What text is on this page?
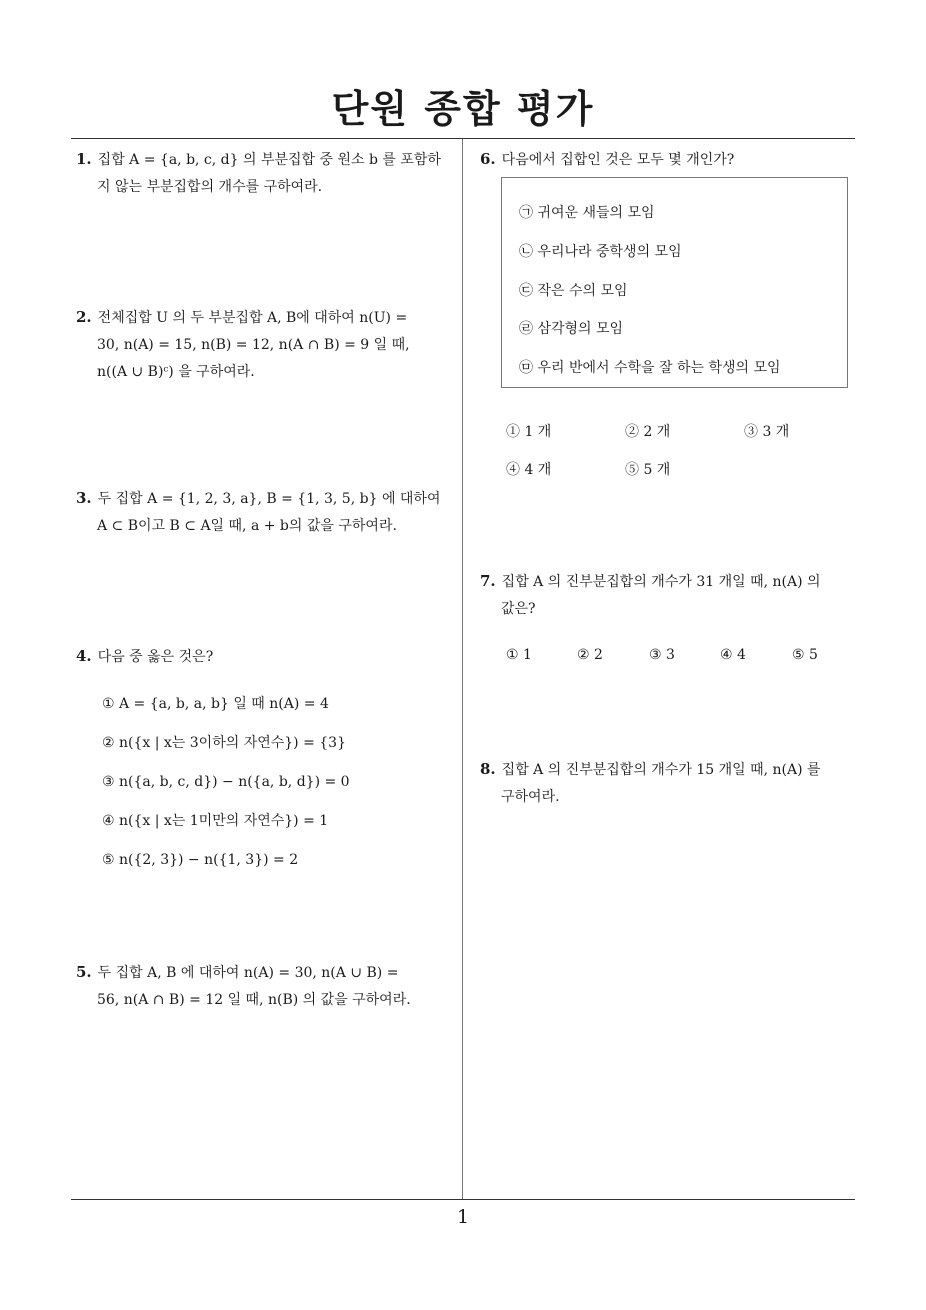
단원 종합 평가
1. 집합 A = {a, b, c, d} 의 부분집합 중 원소 b 를 포함하
지 않는 부분집합의 개수를 구하여라.
2. 전체집합 U 의 두 부분집합 A, B에 대하여 n(U) =
30, n(A) = 15, n(B) = 12, n(A ∩ B) = 9 일 때,
n((A ∪ B)ᶜ) 을 구하여라.
3. 두 집합 A = {1, 2, 3, a}, B = {1, 3, 5, b} 에 대하여
A ⊂ B이고 B ⊂ A일 때, a + b의 값을 구하여라.
4. 다음 중 옳은 것은?
① A = {a, b, a, b} 일 때 n(A) = 4
② n({x | x는 3이하의 자연수}) = {3}
③ n({a, b, c, d}) − n({a, b, d}) = 0
④ n({x | x는 1미만의 자연수}) = 1
⑤ n({2, 3}) − n({1, 3}) = 2
5. 두 집합 A, B 에 대하여 n(A) = 30, n(A ∪ B) =
56, n(A ∩ B) = 12 일 때, n(B) 의 값을 구하여라.
6. 다음에서 집합인 것은 모두 몇 개인가?
㉠ 귀여운 새들의 모임
㉡ 우리나라 중학생의 모임
㉢ 작은 수의 모임
㉣ 삼각형의 모임
㉤ 우리 반에서 수학을 잘 하는 학생의 모임
① 1 개	② 2 개	③ 3 개
④ 4 개	⑤ 5 개
7. 집합 A 의 진부분집합의 개수가 31 개일 때, n(A) 의
값은?
① 1	② 2	③ 3	④ 4	⑤ 5
8. 집합 A 의 진부분집합의 개수가 15 개일 때, n(A) 를
구하여라.
1
